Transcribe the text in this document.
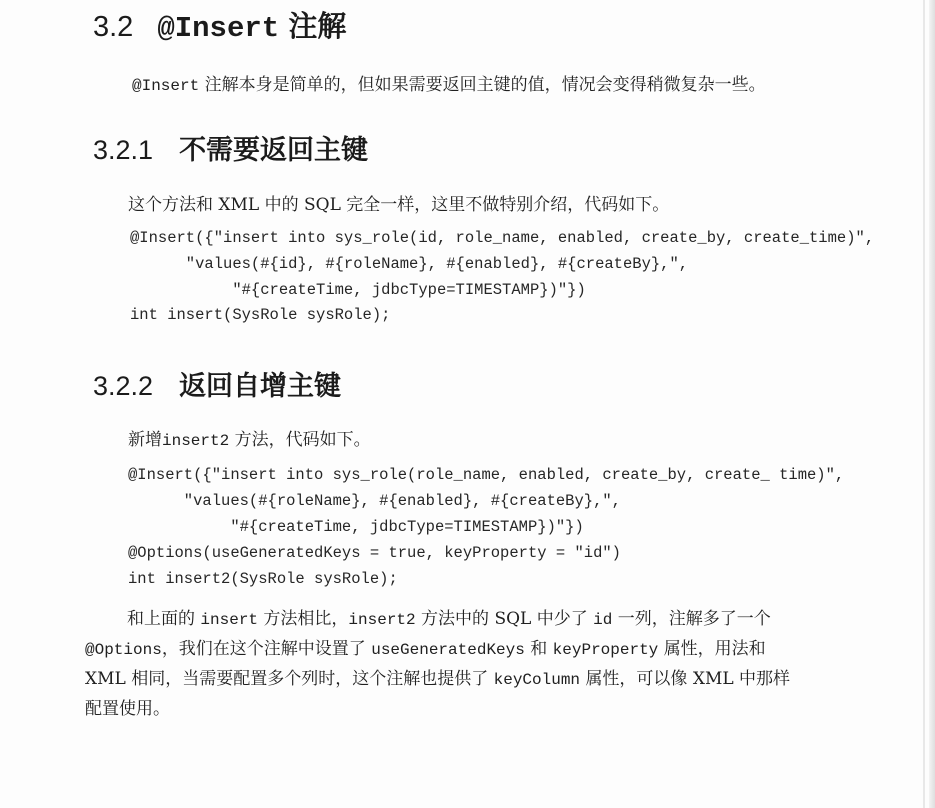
3.2 @Insert 注解
@Insert 注解本身是简单的，但如果需要返回主键的值，情况会变得稍微复杂一些。
3.2.1 不需要返回主键
这个方法和 XML 中的 SQL 完全一样，这里不做特别介绍，代码如下。
@Insert({"insert into sys_role(id, role_name, enabled, create_by, create_time)",
"values(#{id}, #{roleName}, #{enabled}, #{createBy},",
"#{createTime, jdbcType=TIMESTAMP})"})
int insert(SysRole sysRole);
3.2.2 返回自增主键
新增insert2 方法，代码如下。
@Insert({"insert into sys_role(role_name, enabled, create_by, create_ time)",
"values(#{roleName}, #{enabled}, #{createBy},",
"#{createTime, jdbcType=TIMESTAMP})"})
@Options(useGeneratedKeys = true, keyProperty = "id")
int insert2(SysRole sysRole);
和上面的 insert 方法相比，insert2 方法中的 SQL 中少了 id 一列，注解多了一个
@Options，我们在这个注解中设置了 useGeneratedKeys 和 keyProperty 属性，用法和
XML 相同，当需要配置多个列时，这个注解也提供了 keyColumn 属性，可以像 XML 中那样
配置使用。
